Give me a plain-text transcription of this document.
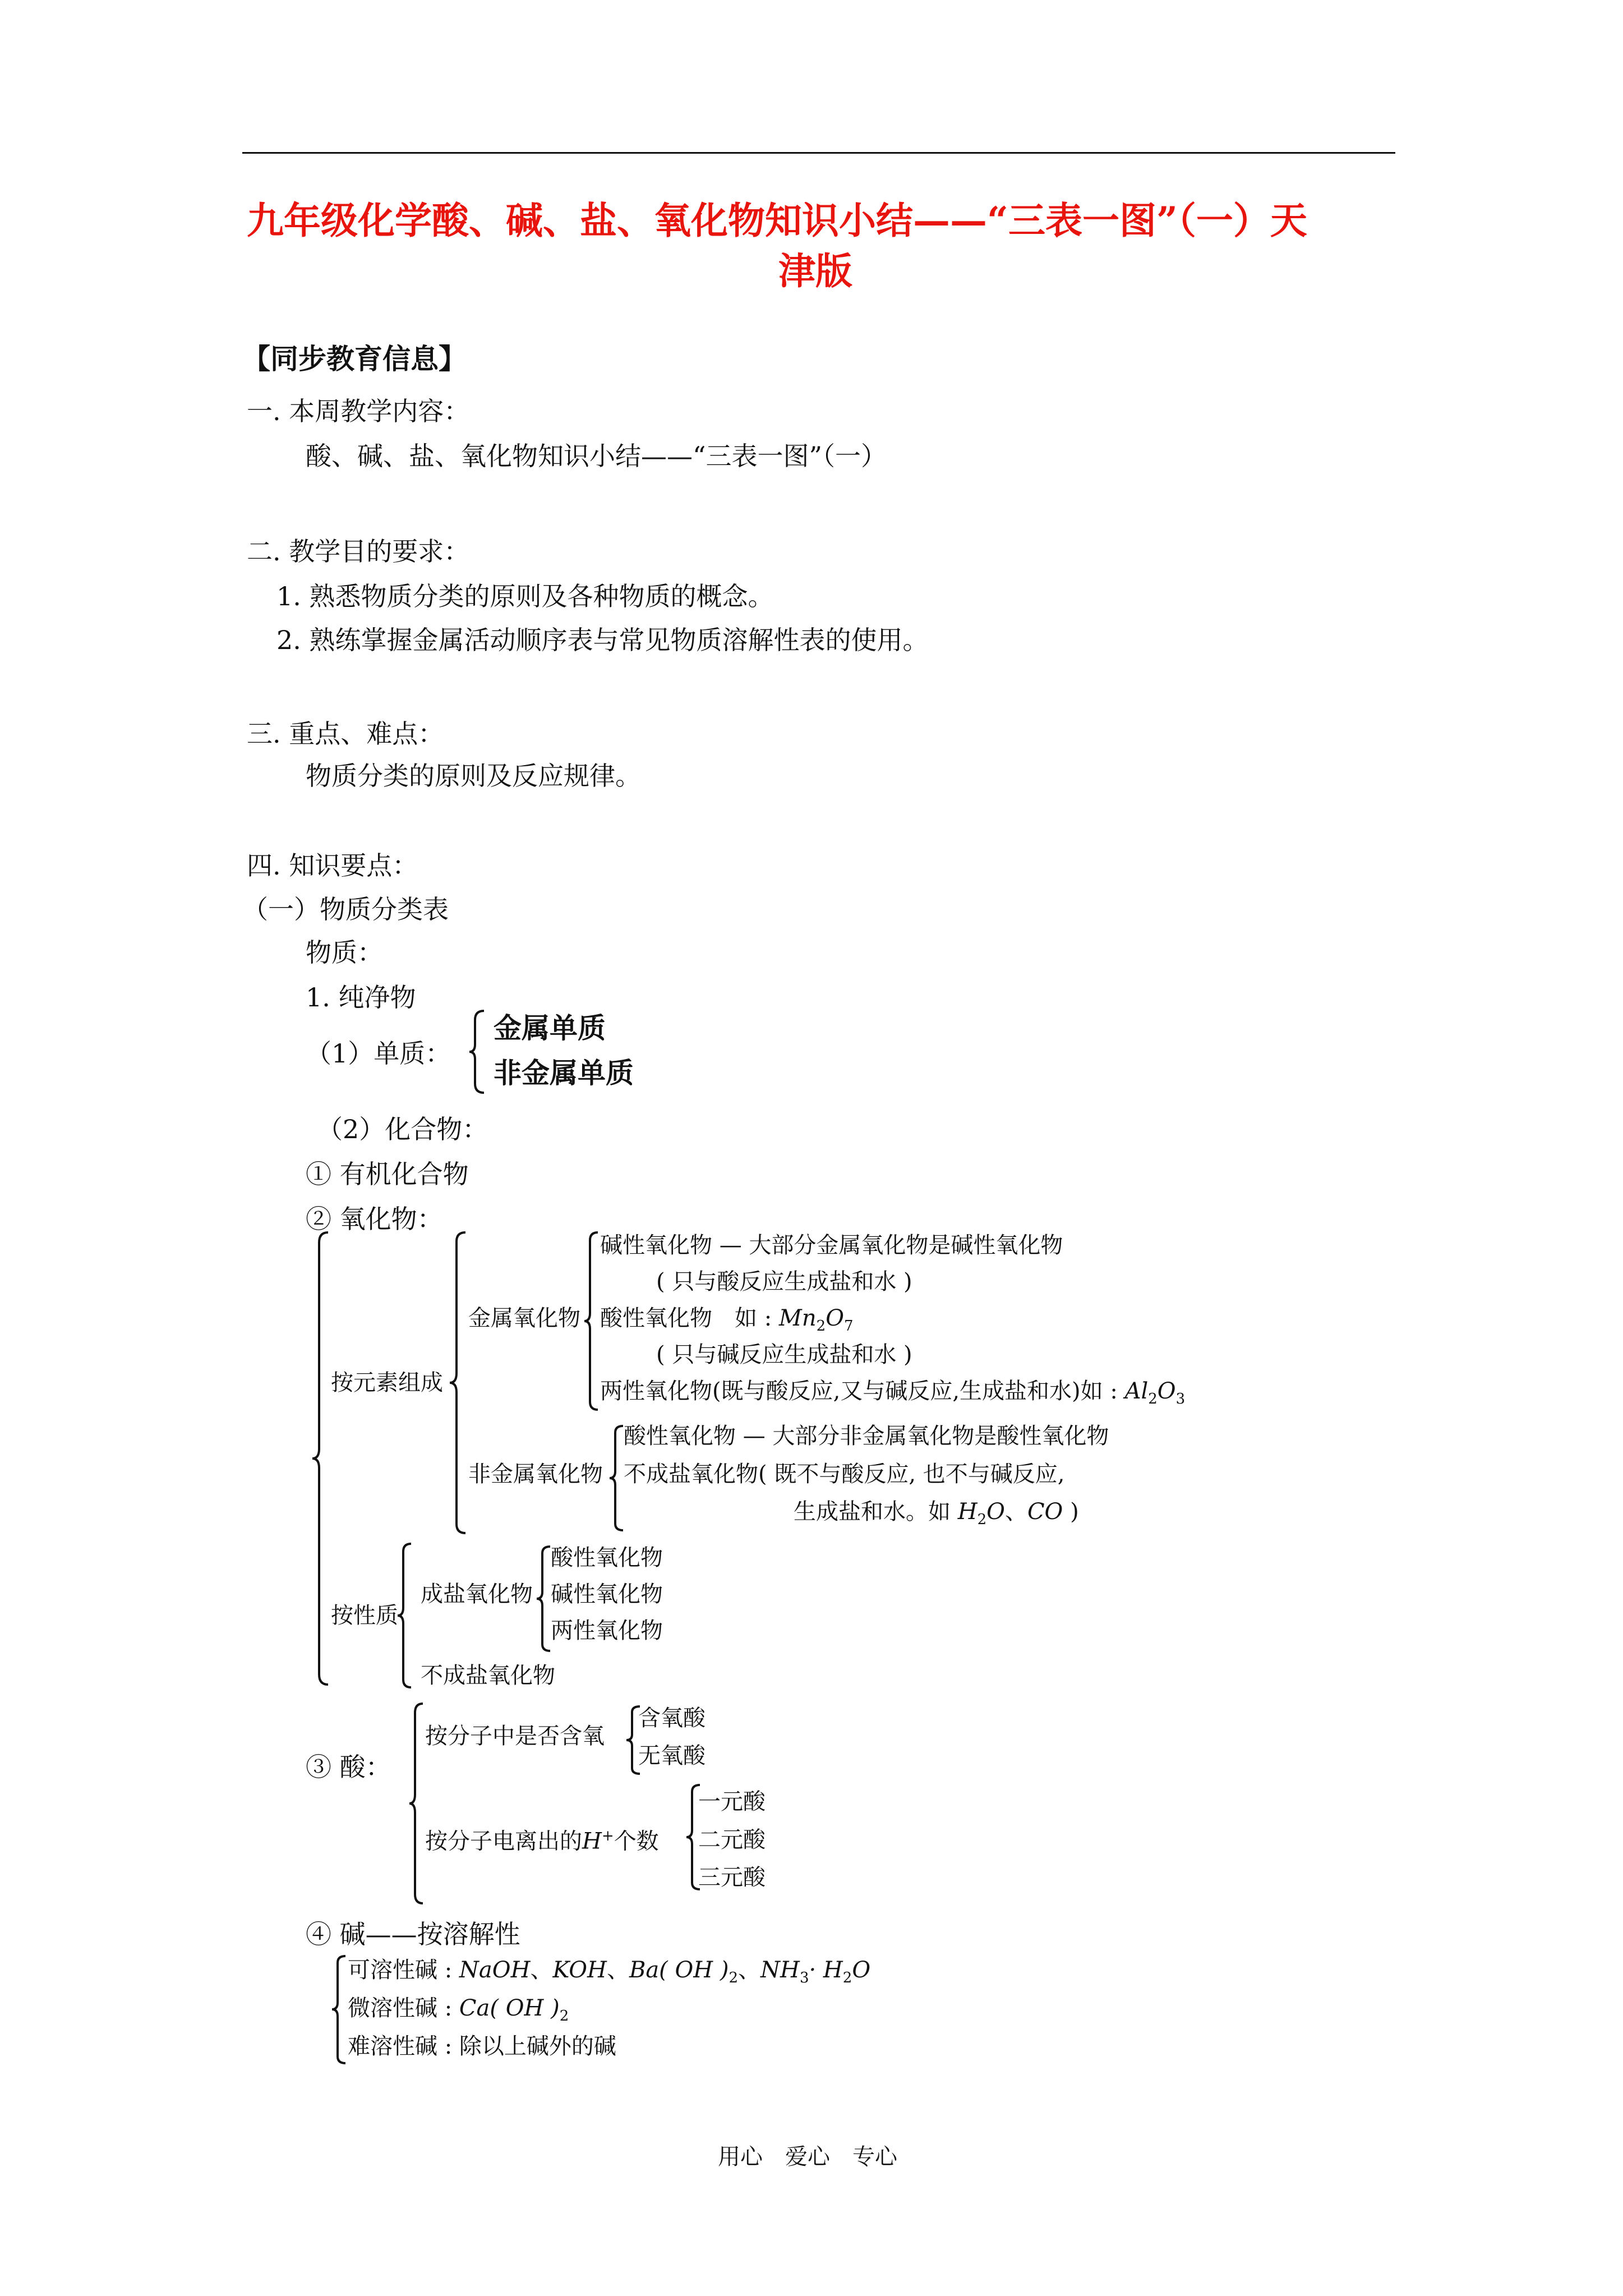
九年级化学酸、碱、盐、氧化物知识小结——“三表一图”（一）天
津版
【同步教育信息】
一. 本周教学内容：
酸、碱、盐、氧化物知识小结——“三表一图”（一）
二. 教学目的要求：
1. 熟悉物质分类的原则及各种物质的概念。
2. 熟练掌握金属活动顺序表与常见物质溶解性表的使用。
三. 重点、难点：
物质分类的原则及反应规律。
四. 知识要点：
（一）物质分类表
物质：
1. 纯净物
（1）单质：
金属单质
非金属单质
（2）化合物：
① 有机化合物
② 氧化物：
按元素组成
金属氧化物
碱性氧化物 — 大部分金属氧化物是碱性氧化物
( 只与酸反应生成盐和水 )
酸性氧化物　如 : $Mn_2O_7$
( 只与碱反应生成盐和水 )
两性氧化物(既与酸反应,又与碱反应,生成盐和水)如 : $Al_2O_3$
非金属氧化物
酸性氧化物 — 大部分非金属氧化物是酸性氧化物
不成盐氧化物( 既不与酸反应, 也不与碱反应,
生成盐和水。如 $H_2O$、CO )
按性质
成盐氧化物
酸性氧化物
碱性氧化物
两性氧化物
不成盐氧化物
③ 酸：
按分子中是否含氧
含氧酸
无氧酸
按分子电离出的H+个数
一元酸
二元酸
三元酸
④ 碱——按溶解性
可溶性碱 : NaOH、KOH、Ba( OH )$_2$、$NH_3\cdot H_2O$
微溶性碱 : Ca( OH )$_2$
难溶性碱 : 除以上碱外的碱
用心　爱心　专心
